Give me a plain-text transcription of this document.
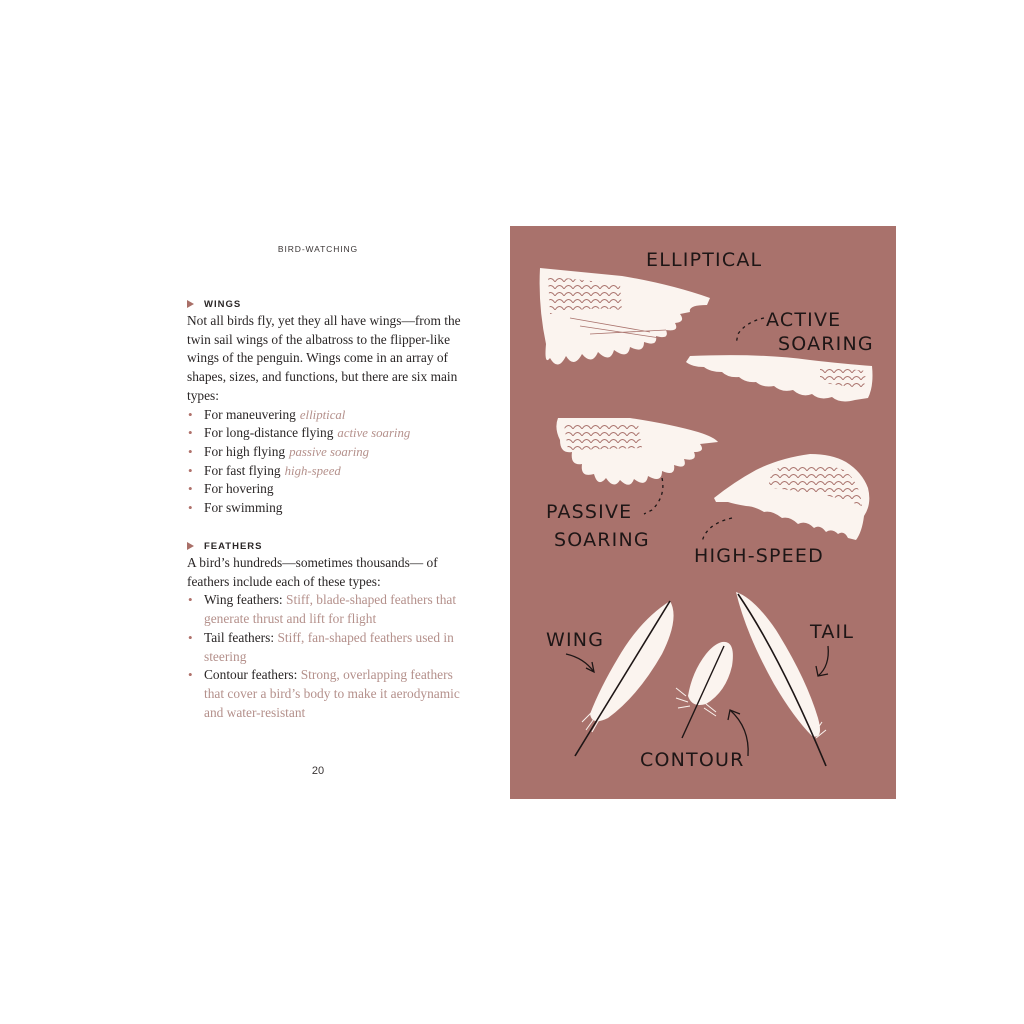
BIRD-WATCHING
WINGS

Not all birds fly, yet they all have wings—from the twin sail wings of the albatross to the flipper-like wings of the penguin. Wings come in an array of shapes, sizes, and functions, but there are six main types:

• For maneuvering elliptical
• For long-distance flying active soaring
• For high flying passive soaring
• For fast flying high-speed
• For hovering
• For swimming
FEATHERS

A bird’s hundreds—sometimes thousands— of feathers include each of these types:

• Wing feathers: Stiff, blade-shaped feathers that generate thrust and lift for flight
• Tail feathers: Stiff, fan-shaped feathers used in steering
• Contour feathers: Strong, overlapping feathers that cover a bird’s body to make it aerodynamic and water-resistant
20
ELLIPTICAL
ACTIVE
SOARING
PASSIVE
SOARING
HIGH-SPEED
WING	TAIL
CONTOUR
